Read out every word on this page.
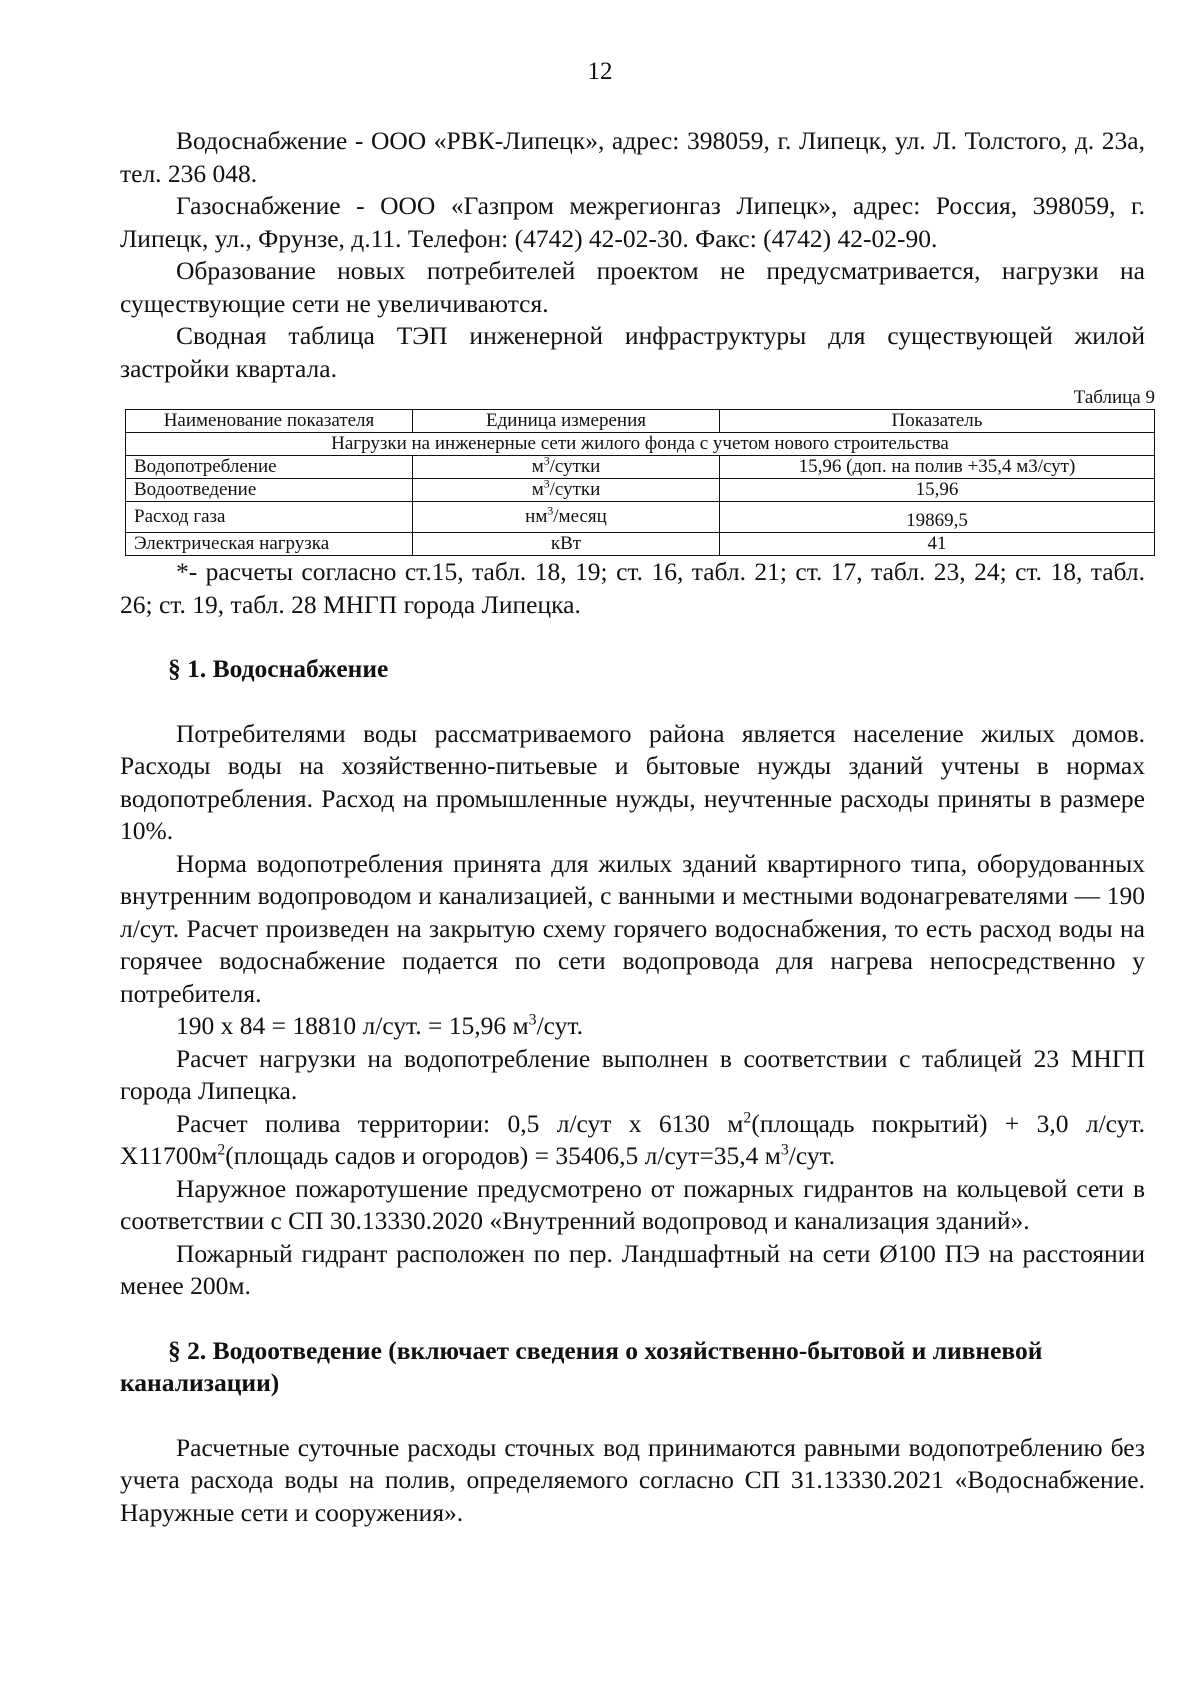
12

Водоснабжение - ООО «РВК-Липецк», адрес: 398059, г. Липецк, ул. Л. Толстого, д. 23а, тел. 236 048.

Газоснабжение - ООО «Газпром межрегионгаз Липецк», адрес: Россия, 398059, г. Липецк, ул., Фрунзе, д.11. Телефон: (4742) 42-02-30. Факс: (4742) 42-02-90.

Образование новых потребителей проектом не предусматривается, нагрузки на существующие сети не увеличиваются.

Сводная таблица ТЭП инженерной инфраструктуры для существующей жилой застройки квартала.

Таблица 9
Наименование показателя	Единица измерения	Показатель
Нагрузки на инженерные сети жилого фонда с учетом нового строительства		
Водопотребление	$м^3$/сутки	15,96 (доп. на полив +35,4 м3/сут)
Водоотведение	$м^3$/сутки	15,96
Расход газа	$нм^3$/месяц	19869,5
Электрическая нагрузка	кВт	41

*- расчеты согласно ст.15, табл. 18, 19; ст. 16, табл. 21; ст. 17, табл. 23, 24; ст. 18, табл. 26; ст. 19, табл. 28 МНГП города Липецка.

§ 1. Водоснабжение

Потребителями воды рассматриваемого района является население жилых домов. Расходы воды на хозяйственно-питьевые и бытовые нужды зданий учтены в нормах водопотребления. Расход на промышленные нужды, неучтенные расходы приняты в размере 10%.

Норма водопотребления принята для жилых зданий квартирного типа, оборудованных внутренним водопроводом и канализацией, с ванными и местными водонагревателями — 190 л/сут. Расчет произведен на закрытую схему горячего водоснабжения, то есть расход воды на горячее водоснабжение подается по сети водопровода для нагрева непосредственно у потребителя.

190 х 84 = 18810 л/сут. = 15,96 $м^3$/сут.

Расчет нагрузки на водопотребление выполнен в соответствии с таблицей 23 МНГП города Липецка.

Расчет полива территории: 0,5 л/сут х 6130 $м^2(площадь$ покрытий) + 3,0 л/сут. $Х11700м^2(площадь$ садов и огородов) = 35406,5 л/сут=35,4 $м^3$/сут.

Наружное пожаротушение предусмотрено от пожарных гидрантов на кольцевой сети в соответствии с СП 30.13330.2020 «Внутренний водопровод и канализация зданий».

Пожарный гидрант расположен по пер. Ландшафтный на сети Ø100 ПЭ на расстоянии менее 200м.

§ 2. Водоотведение (включает сведения о хозяйственно-бытовой и ливневой канализации)

Расчетные суточные расходы сточных вод принимаются равными водопотреблению без учета расхода воды на полив, определяемого согласно СП 31.13330.2021 «Водоснабжение. Наружные сети и сооружения».
